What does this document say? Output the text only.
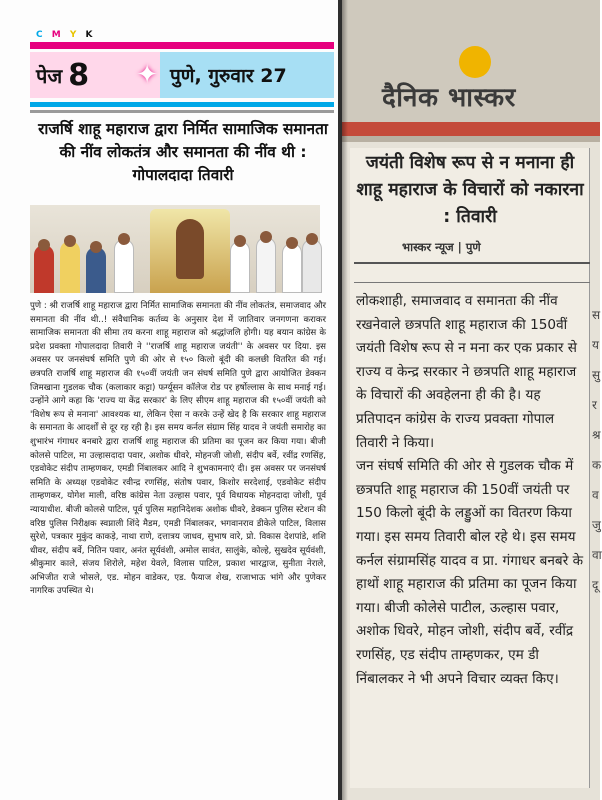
C M Y K
पेज 8 ✦ पुणे, गुरुवार 27
राजर्षि शाहू महाराज द्वारा निर्मित सामाजिक समानता की नींव लोकतंत्र और समानता की नींव थी : गोपालदादा तिवारी
पुणे : श्री राजर्षि शाहू महाराज द्वारा निर्मित सामाजिक समानता की नींव लोकतंत्र, समाजवाद और समानता की नींव थी..! संवैधानिक कर्तव्य के अनुसार देश में जातिवार जनगणना कराकर सामाजिक समानता की सीमा तय करना शाहू महाराज को श्रद्धांजलि होगी। यह बयान कांग्रेस के प्रदेश प्रवक्ता गोपालदादा तिवारी ने ''राजर्षि शाहू महाराज जयंती'' के अवसर पर दिया. इस अवसर पर जनसंघर्ष समिति पुणे की ओर से १५० किलो बूंदी की कलछी वितरित की गई। छत्रपति राजर्षि शाहू महाराज की १५०वीं जयंती जन संघर्ष समिति पुणे द्वारा आयोजित डेक्कन जिमखाना गुडलक चौक (कलाकार कट्टा) फर्ग्यूसन कॉलेज रोड पर हर्षोल्लास के साथ मनाई गई। उन्होंने आगे कहा कि 'राज्य या केंद्र सरकार' के लिए सीएम शाहू महाराज की १५०वीं जयंती को 'विशेष रूप से मनाना' आवश्यक था, लेकिन ऐसा न करके उन्हें खेद है कि सरकार शाहू महाराज के समानता के आदर्शों से दूर रह रही है। इस समय कर्नल संग्राम सिंह यादव ने जयंती समारोह का शुभारंभ गंगाधर बनबारे द्वारा राजर्षि शाहू महाराज की प्रतिमा का पूजन कर किया गया। बीजी कोलसे पाटिल, मा उल्हासदादा पवार, अशोक धीवरे, मोहनजी जोशी, संदीप बर्वे, रवींद्र रणसिंह, एडवोकेट संदीप ताम्हणकर, एमडी निंबालकर आदि ने शुभकामनाएं दी। इस अवसर पर जनसंघर्ष समिति के अध्यक्ष एडवोकेट रवीन्द्र रणसिंह, संतोष पवार, किशोर सरदेशाई, एडवोकेट संदीप ताम्हणकर, योगेश माली, वरिष्ठ कांग्रेस नेता उल्हास पवार, पूर्व विधायक मोहनदादा जोशी, पूर्व न्यायाधीश. बीजी कोलसे पाटिल, पूर्व पुलिस महानिदेशक अशोक धीवरे, डेक्कन पुलिस स्टेशन की वरिष्ठ पुलिस निरीक्षक स्वप्नाली शिंदे मैडम, एमडी निंबालकर, भगवानराव डीकेले पाटिल, विलास सुरेशे, पत्रकार मुकुंद काकड़े, नाथा राणे, दत्तात्रय जाधव, सुभाष वारे, प्रो. विकास देशपांडे, शशि धीवर, संदीप बर्वे, नितिन पवार, अनंत सूर्यवंशी, अमोल सावंत, सालुंके, कोल्हे, सुखदेव सूर्यवंशी, श्रीकुमार काले, संजय शिरोले, महेश येवले, विलास पाटिल, प्रकाश भारद्वाज, सुनीता नेराले, अभिजीत राजे भोसले, एड. मोहन वाडेकर, एड. फैयाज शेख, राजाभाऊ भांगे और पुणेकर नागरिक उपस्थित थे।
दैनिक भास्कर
जयंती विशेष रूप से न मनाना ही शाहू महाराज के विचारों को नकारना : तिवारी
भास्कर न्यूज | पुणे

लोकशाही, समाजवाद व समानता की नींव रखनेवाले छत्रपति शाहू महाराज की 150वीं जयंती विशेष रूप से न मना कर एक प्रकार से राज्य व केन्द्र सरकार ने छत्रपति शाहू महाराज के विचारों की अवहेलना ही की है। यह प्रतिपादन कांग्रेस के राज्य प्रवक्ता गोपाल तिवारी ने किया।

जन संघर्ष समिति की ओर से गुडलक चौक में छत्रपति शाहू महाराज की 150वीं जयंती पर 150 किलो बूंदी के लड्डुओं का वितरण किया गया। इस समय तिवारी बोल रहे थे। इस समय कर्नल संग्रामसिंह यादव व प्रा. गंगाधर बनबरे के हाथों शाहू महाराज की प्रतिमा का पूजन किया गया। बीजी कोलेसे पाटील, ऊल्हास पवार, अशोक धिवरे, मोहन जोशी, संदीप बर्वे, रवींद्र रणसिंह, एड संदीप ताम्हणकर, एम डी निंबालकर ने भी अपने विचार व्यक्त किए।

स य सु र श्र क व जु वा दू
